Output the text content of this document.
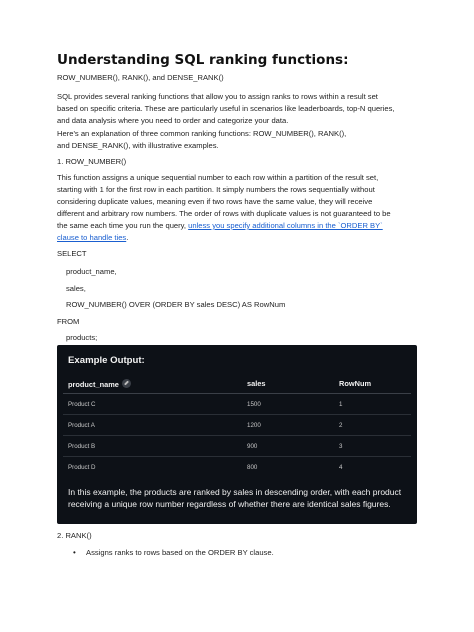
Understanding SQL ranking functions:

ROW_NUMBER(), RANK(), and DENSE_RANK()

SQL provides several ranking functions that allow you to assign ranks to rows within a result set

based on specific criteria. These are particularly useful in scenarios like leaderboards, top-N queries,

and data analysis where you need to order and categorize your data.

Here's an explanation of three common ranking functions: ROW_NUMBER(), RANK(),

and DENSE_RANK(), with illustrative examples.

1. ROW_NUMBER()

This function assigns a unique sequential number to each row within a partition of the result set,

starting with 1 for the first row in each partition. It simply numbers the rows sequentially without

considering duplicate values, meaning even if two rows have the same value, they will receive

different and arbitrary row numbers. The order of rows with duplicate values is not guaranteed to be

the same each time you run the query, unless you specify additional columns in the `ORDER BY`

clause to handle ties.

SELECT

product_name,

sales,

ROW_NUMBER() OVER (ORDER BY sales DESC) AS RowNum

FROM

products;

2. RANK()

•	Assigns ranks to rows based on the ORDER BY clause.

Example Output:
product_name	sales	RowNum
Product C	1500	1
Product A	1200	2
Product B	900	3
Product D	800	4
In this example, the products are ranked by sales in descending order, with each product receiving a unique row number regardless of whether there are identical sales figures.
